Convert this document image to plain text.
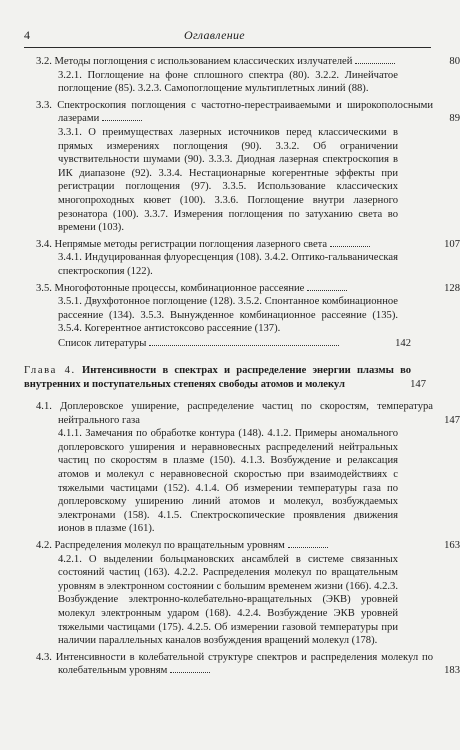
4	Оглавление
3.2. Методы поглощения с использованием классических излучателей	80
3.2.1. Поглощение на фоне сплошного спектра (80). 3.2.2. Линейчатое поглощение (85). 3.2.3. Самопоглощение мультиплетных линий (88).
3.3. Спектроскопия поглощения с частотно-перестраиваемыми и широкополосными лазерами	89
3.3.1. О преимуществах лазерных источников перед классическими в прямых измерениях поглощения (90). 3.3.2. Об ограничении чувствительности шумами (90). 3.3.3. Диодная лазерная спектроскопия в ИК диапазоне (92). 3.3.4. Нестационарные когерентные эффекты при регистрации поглощения (97). 3.3.5. Использование классических многопроходных кювет (100). 3.3.6. Поглощение внутри лазерного резонатора (100). 3.3.7. Измерения поглощения по затуханию света во времени (103).
3.4. Непрямые методы регистрации поглощения лазерного света	107
3.4.1. Индуцированная флуоресценция (108). 3.4.2. Оптико-гальваническая спектроскопия (122).
3.5. Многофотонные процессы, комбинационное рассеяние	128
3.5.1. Двухфотонное поглощение (128). 3.5.2. Спонтанное комбинационное рассеяние (134). 3.5.3. Вынужденное комбинационное рассеяние (135). 3.5.4. Когерентное антистоксово рассеяние (137).
Список литературы	142
Глава 4. Интенсивности в спектрах и распределение энергии плазмы во внутренних и поступательных степенях свободы атомов и молекул	147
4.1. Доплеровское уширение, распределение частиц по скоростям, температура нейтрального газа	147
4.1.1. Замечания по обработке контура (148). 4.1.2. Примеры аномального доплеровского уширения и неравновесных распределений нейтральных частиц по скоростям в плазме (150). 4.1.3. Возбуждение и релаксация атомов и молекул с неравновесной скоростью при взаимодействиях с тяжелыми частицами (152). 4.1.4. Об измерении температуры газа по доплеровскому уширению линий атомов и молекул, возбуждаемых электронами (158). 4.1.5. Спектроскопические проявления движения ионов в плазме (161).
4.2. Распределения молекул по вращательным уровням	163
4.2.1. О выделении больцмановских ансамблей в системе связанных состояний частиц (163). 4.2.2. Распределения молекул по вращательным уровням в электронном состоянии с большим временем жизни (166). 4.2.3. Возбуждение электронно-колебательно-вращательных (ЭКВ) уровней молекул электронным ударом (168). 4.2.4. Возбуждение ЭКВ уровней тяжелыми частицами (175). 4.2.5. Об измерении газовой температуры при наличии параллельных каналов возбуждения вращений молекул (178).
4.3. Интенсивности в колебательной структуре спектров и распределения молекул по колебательным уровням	183
